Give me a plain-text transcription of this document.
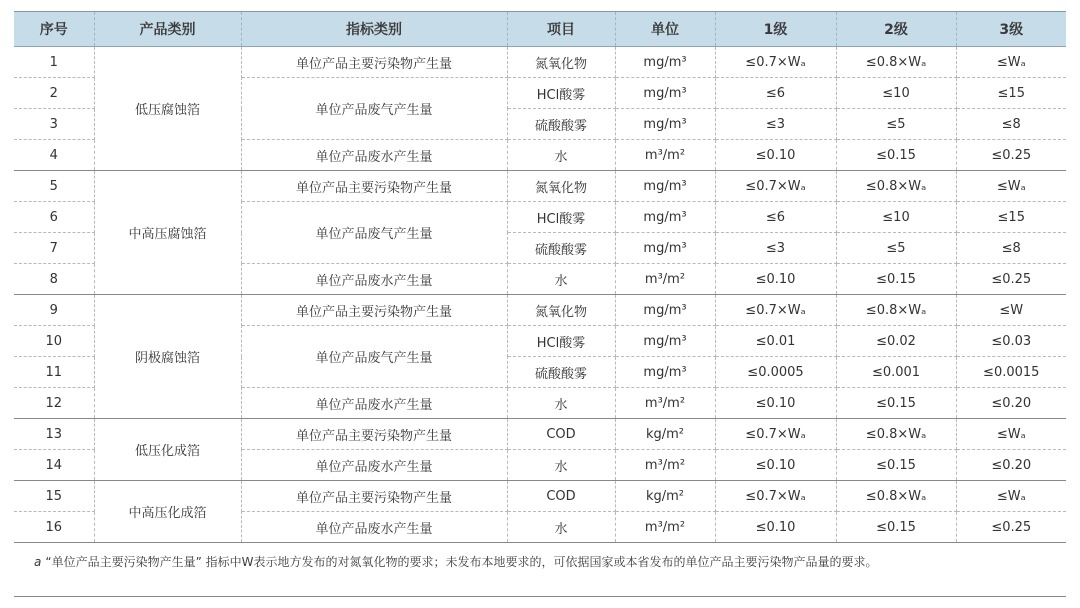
序号	产品类别	指标类别	项目	单位	1级	2级	3级
1	低压腐蚀箔	单位产品主要污染物产生量	氮氧化物	mg/m³	≤0.7×Wₐ	≤0.8×Wₐ	≤Wₐ
2		单位产品废气产生量	HCl酸雾	mg/m³	≤6	≤10	≤15
3			硫酸酸雾	mg/m³	≤3	≤5	≤8
4		单位产品废水产生量	水	m³/m²	≤0.10	≤0.15	≤0.25
5	中高压腐蚀箔	单位产品主要污染物产生量	氮氧化物	mg/m³	≤0.7×Wₐ	≤0.8×Wₐ	≤Wₐ
6		单位产品废气产生量	HCl酸雾	mg/m³	≤6	≤10	≤15
7			硫酸酸雾	mg/m³	≤3	≤5	≤8
8		单位产品废水产生量	水	m³/m²	≤0.10	≤0.15	≤0.25
9	阴极腐蚀箔	单位产品主要污染物产生量	氮氧化物	mg/m³	≤0.7×Wₐ	≤0.8×Wₐ	≤W
10		单位产品废气产生量	HCl酸雾	mg/m³	≤0.01	≤0.02	≤0.03
11			硫酸酸雾	mg/m³	≤0.0005	≤0.001	≤0.0015
12		单位产品废水产生量	水	m³/m²	≤0.10	≤0.15	≤0.20
13	低压化成箔	单位产品主要污染物产生量	COD	kg/m²	≤0.7×Wₐ	≤0.8×Wₐ	≤Wₐ
14		单位产品废水产生量	水	m³/m²	≤0.10	≤0.15	≤0.20
15	中高压化成箔	单位产品主要污染物产生量	COD	kg/m²	≤0.7×Wₐ	≤0.8×Wₐ	≤Wₐ
16		单位产品废水产生量	水	m³/m²	≤0.10	≤0.15	≤0.25
a “单位产品主要污染物产生量” 指标中W表示地方发布的对氮氧化物的要求；未发布本地要求的，可依据国家或本省发布的单位产品主要污染物产品量的要求。
